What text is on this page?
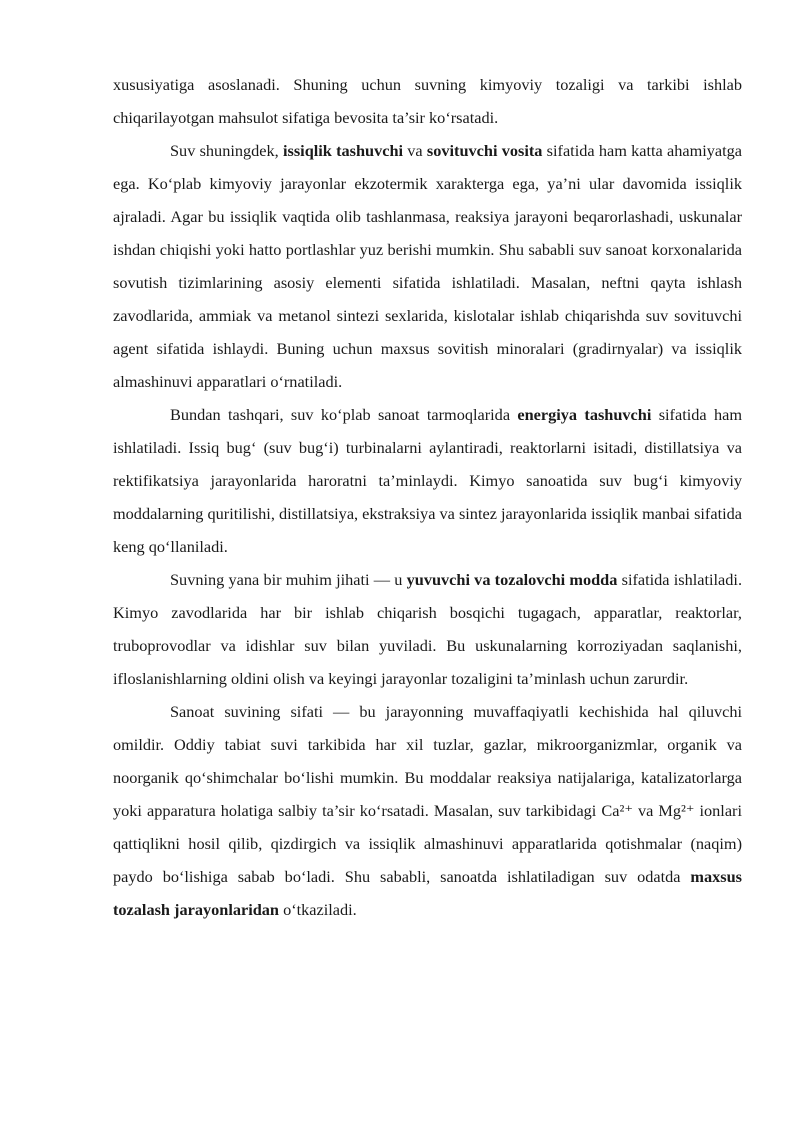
xususiyatiga asoslanadi. Shuning uchun suvning kimyoviy tozaligi va tarkibi ishlab chiqarilayotgan mahsulot sifatiga bevosita ta’sir ko‘rsatadi.

Suv shuningdek, issiqlik tashuvchi va sovituvchi vosita sifatida ham katta ahamiyatga ega. Ko‘plab kimyoviy jarayonlar ekzotermik xarakterga ega, ya’ni ular davomida issiqlik ajraladi. Agar bu issiqlik vaqtida olib tashlanmasa, reaksiya jarayoni beqarorlashadi, uskunalar ishdan chiqishi yoki hatto portlashlar yuz berishi mumkin. Shu sababli suv sanoat korxonalarida sovutish tizimlarining asosiy elementi sifatida ishlatiladi. Masalan, neftni qayta ishlash zavodlarida, ammiak va metanol sintezi sexlarida, kislotalar ishlab chiqarishda suv sovituvchi agent sifatida ishlaydi. Buning uchun maxsus sovitish minoralari (gradirnyalar) va issiqlik almashinuvi apparatlari o‘rnatiladi.

Bundan tashqari, suv ko‘plab sanoat tarmoqlarida energiya tashuvchi sifatida ham ishlatiladi. Issiq bug‘ (suv bug‘i) turbinalarni aylantiradi, reaktorlarni isitadi, distillatsiya va rektifikatsiya jarayonlarida haroratni ta’minlaydi. Kimyo sanoatida suv bug‘i kimyoviy moddalarning quritilishi, distillatsiya, ekstraksiya va sintez jarayonlarida issiqlik manbai sifatida keng qo‘llaniladi.

Suvning yana bir muhim jihati — u yuvuvchi va tozalovchi modda sifatida ishlatiladi. Kimyo zavodlarida har bir ishlab chiqarish bosqichi tugagach, apparatlar, reaktorlar, truboprovodlar va idishlar suv bilan yuviladi. Bu uskunalarning korroziyadan saqlanishi, ifloslanishlarning oldini olish va keyingi jarayonlar tozaligini ta’minlash uchun zarurdir.

Sanoat suvining sifati — bu jarayonning muvaffaqiyatli kechishida hal qiluvchi omildir. Oddiy tabiat suvi tarkibida har xil tuzlar, gazlar, mikroorganizmlar, organik va noorganik qo‘shimchalar bo‘lishi mumkin. Bu moddalar reaksiya natijalariga, katalizatorlarga yoki apparatura holatiga salbiy ta’sir ko‘rsatadi. Masalan, suv tarkibidagi Ca²⁺ va Mg²⁺ ionlari qattiqlikni hosil qilib, qizdirgich va issiqlik almashinuvi apparatlarida qotishmalar (naqim) paydo bo‘lishiga sabab bo‘ladi. Shu sababli, sanoatda ishlatiladigan suv odatda maxsus tozalash jarayonlaridan o‘tkaziladi.
